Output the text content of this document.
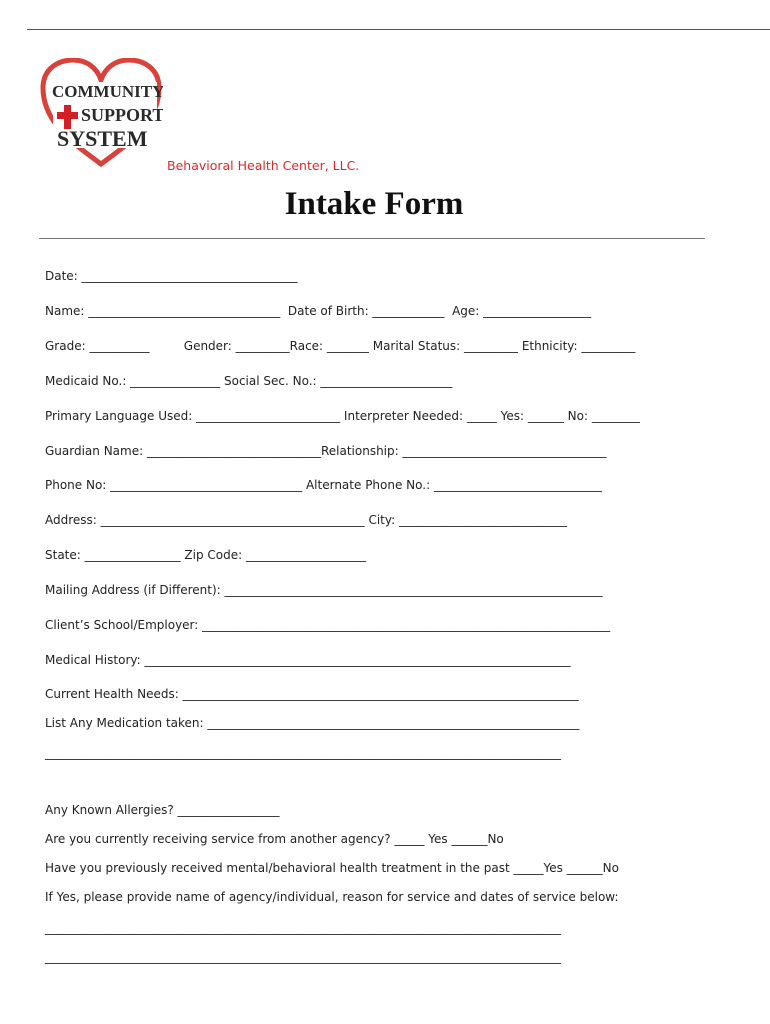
COMMUNITY
SUPPORT
SYSTEM
Behavioral Health Center, LLC.
Intake Form
Date: ____________________________________
Name: ________________________________  Date of Birth: ____________  Age: __________________
Grade: __________         Gender: _________Race: _______ Marital Status: _________ Ethnicity: _________
Medicaid No.: _______________ Social Sec. No.: ______________________
Primary Language Used: ________________________ Interpreter Needed: _____ Yes: ______ No: ________
Guardian Name: _____________________________Relationship: __________________________________
Phone No: ________________________________ Alternate Phone No.: ____________________________
Address: ____________________________________________ City: ____________________________
State: ________________ Zip Code: ____________________
Mailing Address (if Different): _______________________________________________________________
Client’s School/Employer: ____________________________________________________________________
Medical History: _______________________________________________________________________
Current Health Needs: __________________________________________________________________
List Any Medication taken: ______________________________________________________________
______________________________________________________________________________________
Any Known Allergies? _________________
Are you currently receiving service from another agency? _____ Yes ______No
Have you previously received mental/behavioral health treatment in the past _____Yes ______No
If Yes, please provide name of agency/individual, reason for service and dates of service below:
______________________________________________________________________________________
______________________________________________________________________________________
